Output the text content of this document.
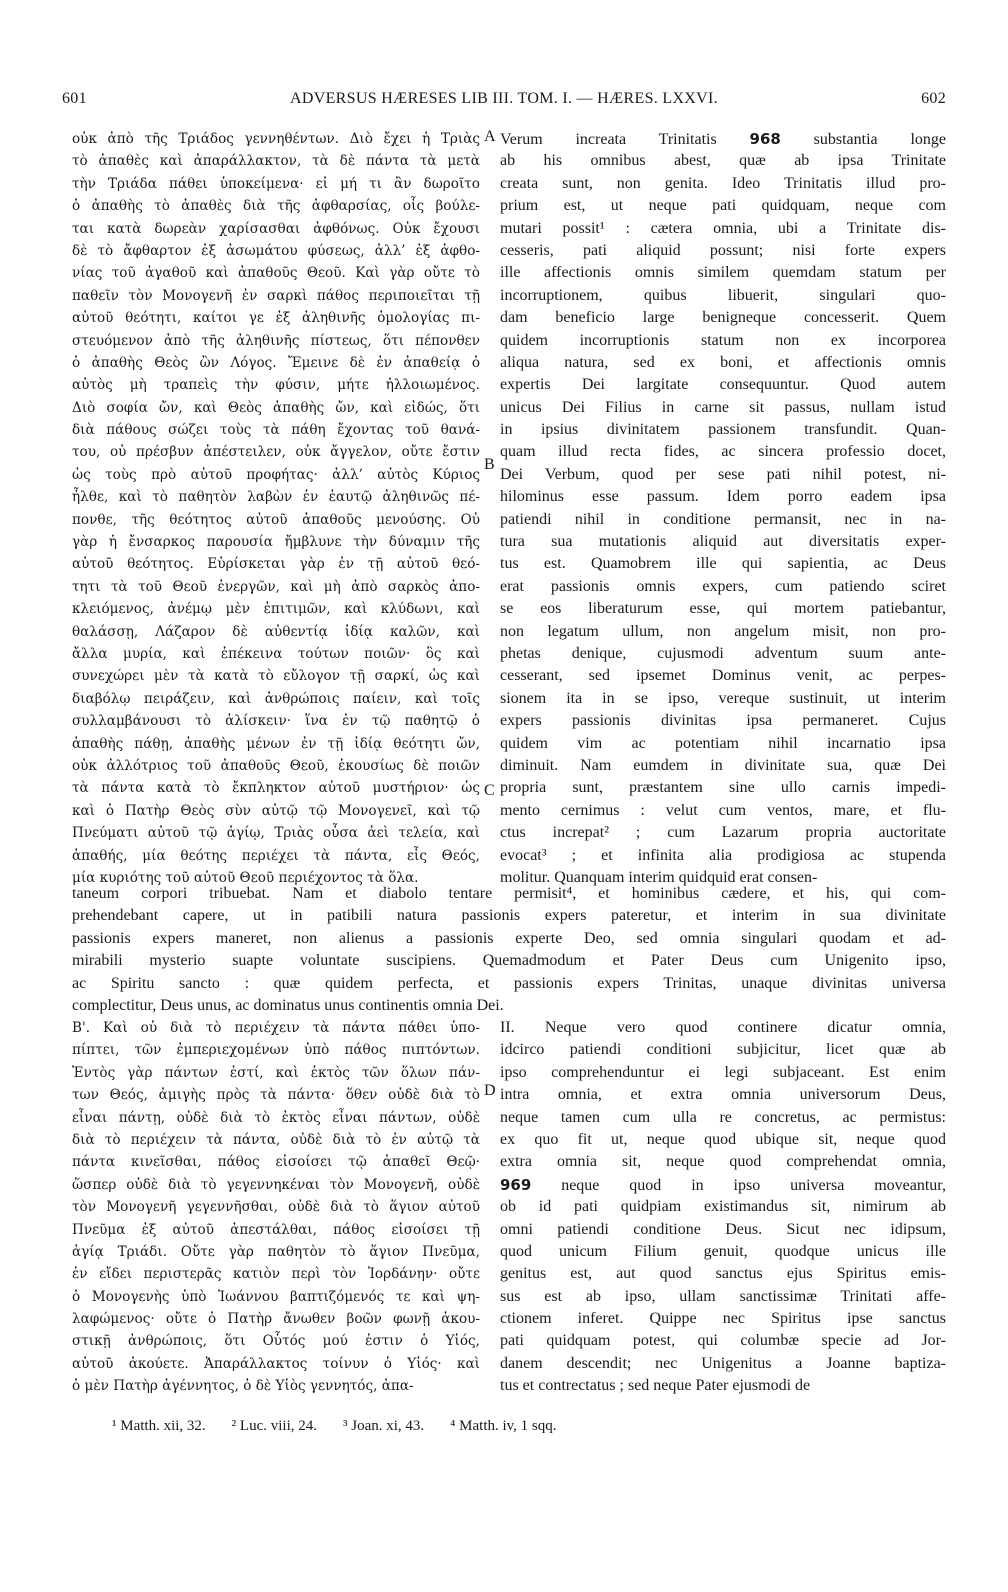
601	ADVERSUS HÆRESES LIB III. TOM. I. — HÆRES. LXXVI.	602
A
B
C
D
οὐκ ἀπὸ τῆς Τριάδος γεννηθέντων. Διὸ ἔχει ἡ Τριὰς
τὸ ἀπαθὲς καὶ ἀπαράλλακτον, τὰ δὲ πάντα τὰ μετὰ
τὴν Τριάδα πάθει ὑποκείμενα· εἰ μή τι ἂν δωροῖτο
ὁ ἀπαθὴς τὸ ἀπαθὲς διὰ τῆς ἀφθαρσίας, οἷς βούλε-
ται κατὰ δωρεὰν χαρίσασθαι ἀφθόνως. Οὐκ ἔχουσι
δὲ τὸ ἄφθαρτον ἐξ ἀσωμάτου φύσεως, ἀλλ’ ἐξ ἀφθο-
νίας τοῦ ἀγαθοῦ καὶ ἀπαθοῦς Θεοῦ. Καὶ γὰρ οὔτε τὸ
παθεῖν τὸν Μονογενῆ ἐν σαρκὶ πάθος περιποιεῖται τῇ
αὐτοῦ θεότητι, καίτοι γε ἐξ ἀληθινῆς ὁμολογίας πι-
στευόμενον ἀπὸ τῆς ἀληθινῆς πίστεως, ὅτι πέπονθεν
ὁ ἀπαθὴς Θεὸς ὢν Λόγος. Ἔμεινε δὲ ἐν ἀπαθείᾳ ὁ
αὐτὸς μὴ τραπεὶς τὴν φύσιν, μήτε ἠλλοιωμένος.
Διὸ σοφία ὤν, καὶ Θεὸς ἀπαθὴς ὤν, καὶ εἰδώς, ὅτι
διὰ πάθους σώζει τοὺς τὰ πάθη ἔχοντας τοῦ θανά-
του, οὐ πρέσβυν ἀπέστειλεν, οὐκ ἄγγελον, οὔτε ἔστιν
ὡς τοὺς πρὸ αὐτοῦ προφήτας· ἀλλ’ αὐτὸς Κύριος
ἦλθε, καὶ τὸ παθητὸν λαβὼν ἐν ἑαυτῷ ἀληθινῶς πέ-
πονθε, τῆς θεότητος αὐτοῦ ἀπαθοῦς μενούσης. Οὐ
γὰρ ἡ ἔνσαρκος παρουσία ἤμβλυνε τὴν δύναμιν τῆς
αὐτοῦ θεότητος. Εὑρίσκεται γὰρ ἐν τῇ αὐτοῦ θεό-
τητι τὰ τοῦ Θεοῦ ἐνεργῶν, καὶ μὴ ἀπὸ σαρκὸς ἀπο-
κλειόμενος, ἀνέμῳ μὲν ἐπιτιμῶν, καὶ κλύδωνι, καὶ
θαλάσσῃ, Λάζαρον δὲ αὐθεντίᾳ ἰδίᾳ καλῶν, καὶ
ἄλλα μυρία, καὶ ἐπέκεινα τούτων ποιῶν· ὃς καὶ
συνεχώρει μὲν τὰ κατὰ τὸ εὔλογον τῇ σαρκί, ὡς καὶ
διαβόλῳ πειράζειν, καὶ ἀνθρώποις παίειν, καὶ τοῖς
συλλαμβάνουσι τὸ ἁλίσκειν· ἵνα ἐν τῷ παθητῷ ὁ
ἀπαθὴς πάθῃ, ἀπαθὴς μένων ἐν τῇ ἰδίᾳ θεότητι ὤν,
οὐκ ἀλλότριος τοῦ ἀπαθοῦς Θεοῦ, ἑκουσίως δὲ ποιῶν
τὰ πάντα κατὰ τὸ ἔκπληκτον αὐτοῦ μυστήριον· ὡς
καὶ ὁ Πατὴρ Θεὸς σὺν αὐτῷ τῷ Μονογενεῖ, καὶ τῷ
Πνεύματι αὐτοῦ τῷ ἁγίῳ, Τριὰς οὖσα ἀεὶ τελεία, καὶ
ἀπαθής, μία θεότης περιέχει τὰ πάντα, εἷς Θεός,
μία κυριότης τοῦ αὐτοῦ Θεοῦ περιέχοντος τὰ ὅλα.
Verum increata Trinitatis 968 substantia longe
ab his omnibus abest, quæ ab ipsa Trinitate
creata sunt, non genita. Ideo Trinitatis illud pro-
prium est, ut neque pati quidquam, neque com
mutari possit¹ : cætera omnia, ubi a Trinitate dis-
cesseris, pati aliquid possunt; nisi forte expers
ille affectionis omnis similem quemdam statum per
incorruptionem, quibus libuerit, singulari quo-
dam beneficio large benigneque concesserit. Quem
quidem incorruptionis statum non ex incorporea
aliqua natura, sed ex boni, et affectionis omnis
expertis Dei largitate consequuntur. Quod autem
unicus Dei Filius in carne sit passus, nullam istud
in ipsius divinitatem passionem transfundit. Quan-
quam illud recta fides, ac sincera professio docet,
Dei Verbum, quod per sese pati nihil potest, ni-
hilominus esse passum. Idem porro eadem ipsa
patiendi nihil in conditione permansit, nec in na-
tura sua mutationis aliquid aut diversitatis exper-
tus est. Quamobrem ille qui sapientia, ac Deus
erat passionis omnis expers, cum patiendo sciret
se eos liberaturum esse, qui mortem patiebantur,
non legatum ullum, non angelum misit, non pro-
phetas denique, cujusmodi adventum suum ante-
cesserant, sed ipsemet Dominus venit, ac perpes-
sionem ita in se ipso, vereque sustinuit, ut interim
expers passionis divinitas ipsa permaneret. Cujus
quidem vim ac potentiam nihil incarnatio ipsa
diminuit. Nam eumdem in divinitate sua, quæ Dei
propria sunt, præstantem sine ullo carnis impedi-
mento cernimus : velut cum ventos, mare, et flu-
ctus increpat² ; cum Lazarum propria auctoritate
evocat³ ; et infinita alia prodigiosa ac stupenda
molitur. Quanquam interim quidquid erat consen-
taneum corpori tribuebat. Nam et diabolo tentare permisit⁴, et hominibus cædere, et his, qui com-
prehendebant capere, ut in patibili natura passionis expers pateretur, et interim in sua divinitate
passionis expers maneret, non alienus a passionis experte Deo, sed omnia singulari quodam et ad-
mirabili mysterio suapte voluntate suscipiens. Quemadmodum et Pater Deus cum Unigenito ipso,
ac Spiritu sancto : quæ quidem perfecta, et passionis expers Trinitas, unaque divinitas universa
complectitur, Deus unus, ac dominatus unus continentis omnia Dei.
Β'. Καὶ οὐ διὰ τὸ περιέχειν τὰ πάντα πάθει ὑπο-
πίπτει, τῶν ἐμπεριεχομένων ὑπὸ πάθος πιπτόντων.
Ἐντὸς γὰρ πάντων ἐστί, καὶ ἐκτὸς τῶν ὅλων πάν-
των Θεός, ἀμιγὴς πρὸς τὰ πάντα· ὅθεν οὐδὲ διὰ τὸ
εἶναι πάντῃ, οὐδὲ διὰ τὸ ἐκτὸς εἶναι πάντων, οὐδὲ
διὰ τὸ περιέχειν τὰ πάντα, οὐδὲ διὰ τὸ ἐν αὐτῷ τὰ
πάντα κινεῖσθαι, πάθος εἰσοίσει τῷ ἀπαθεῖ Θεῷ·
ὥσπερ οὐδὲ διὰ τὸ γεγεννηκέναι τὸν Μονογενῆ, οὐδὲ
τὸν Μονογενῆ γεγεννῆσθαι, οὐδὲ διὰ τὸ ἅγιον αὐτοῦ
Πνεῦμα ἐξ αὐτοῦ ἀπεστάλθαι, πάθος εἰσοίσει τῇ
ἁγίᾳ Τριάδι. Οὔτε γὰρ παθητὸν τὸ ἅγιον Πνεῦμα,
ἐν εἴδει περιστερᾶς κατιὸν περὶ τὸν Ἰορδάνην· οὔτε
ὁ Μονογενὴς ὑπὸ Ἰωάννου βαπτιζόμενός τε καὶ ψη-
λαφώμενος· οὔτε ὁ Πατὴρ ἄνωθεν βοῶν φωνῇ ἀκου-
στικῇ ἀνθρώποις, ὅτι Οὗτός μού ἐστιν ὁ Υἱός,
αὐτοῦ ἀκούετε. Ἀπαράλλακτος τοίνυν ὁ Υἱός· καὶ
ὁ μὲν Πατὴρ ἀγέννητος, ὁ δὲ Υἱὸς γεννητός, ἀπα-
II. Neque vero quod continere dicatur omnia,
idcirco patiendi conditioni subjicitur, licet quæ ab
ipso comprehenduntur ei legi subjaceant. Est enim
intra omnia, et extra omnia universorum Deus,
neque tamen cum ulla re concretus, ac permistus:
ex quo fit ut, neque quod ubique sit, neque quod
extra omnia sit, neque quod comprehendat omnia,
969 neque quod in ipso universa moveantur,
ob id pati quidpiam existimandus sit, nimirum ab
omni patiendi conditione Deus. Sicut nec idipsum,
quod unicum Filium genuit, quodque unicus ille
genitus est, aut quod sanctus ejus Spiritus emis-
sus est ab ipso, ullam sanctissimæ Trinitati affe-
ctionem inferet. Quippe nec Spiritus ipse sanctus
pati quidquam potest, qui columbæ specie ad Jor-
danem descendit; nec Unigenitus a Joanne baptiza-
tus et contrectatus ; sed neque Pater ejusmodi de
¹ Matth. xii, 32. ² Luc. viii, 24. ³ Joan. xi, 43. ⁴ Matth. iv, 1 sqq.
